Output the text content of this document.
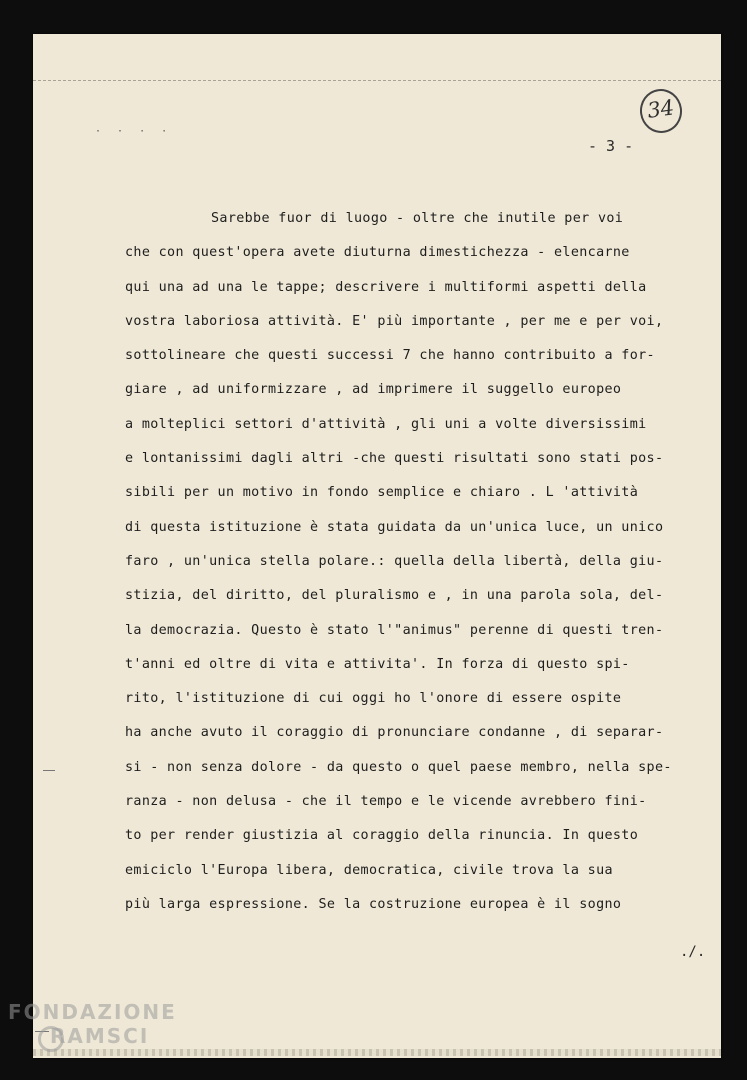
· · · ·
34
- 3 -
Sarebbe fuor di luogo - oltre che inutile per voi
che con quest'opera avete diuturna dimestichezza - elencarne
qui una ad una le tappe; descrivere i multiformi aspetti della
vostra laboriosa attività. E' più importante , per me e per voi,
sottolineare che questi successi 7 che hanno contribuito a for-
giare , ad uniformizzare , ad imprimere il suggello europeo
a molteplici settori d'attività , gli uni a volte diversissimi
e lontanissimi dagli altri -che questi risultati sono stati pos-
sibili per un motivo in fondo semplice e chiaro . L 'attività
di questa istituzione è stata guidata da un'unica luce, un unico
faro , un'unica stella polare.: quella della libertà, della giu-
stizia, del diritto, del pluralismo e , in una parola sola, del-
la democrazia. Questo è stato l'"animus" perenne di questi tren-
t'anni ed oltre di vita e attivita'. In forza di questo spi-
rito, l'istituzione di cui oggi ho l'onore di essere ospite
ha anche avuto il coraggio di pronunciare condanne , di separar-
si - non senza dolore - da questo o quel paese membro, nella spe-
ranza - non delusa - che il tempo e le vicende avrebbero fini-
to per render giustizia al coraggio della rinuncia. In questo
emiciclo l'Europa libera, democratica, civile trova la sua
più larga espressione. Se la costruzione europea è il sogno
./.
FONDAZIONE
RAMSCI
